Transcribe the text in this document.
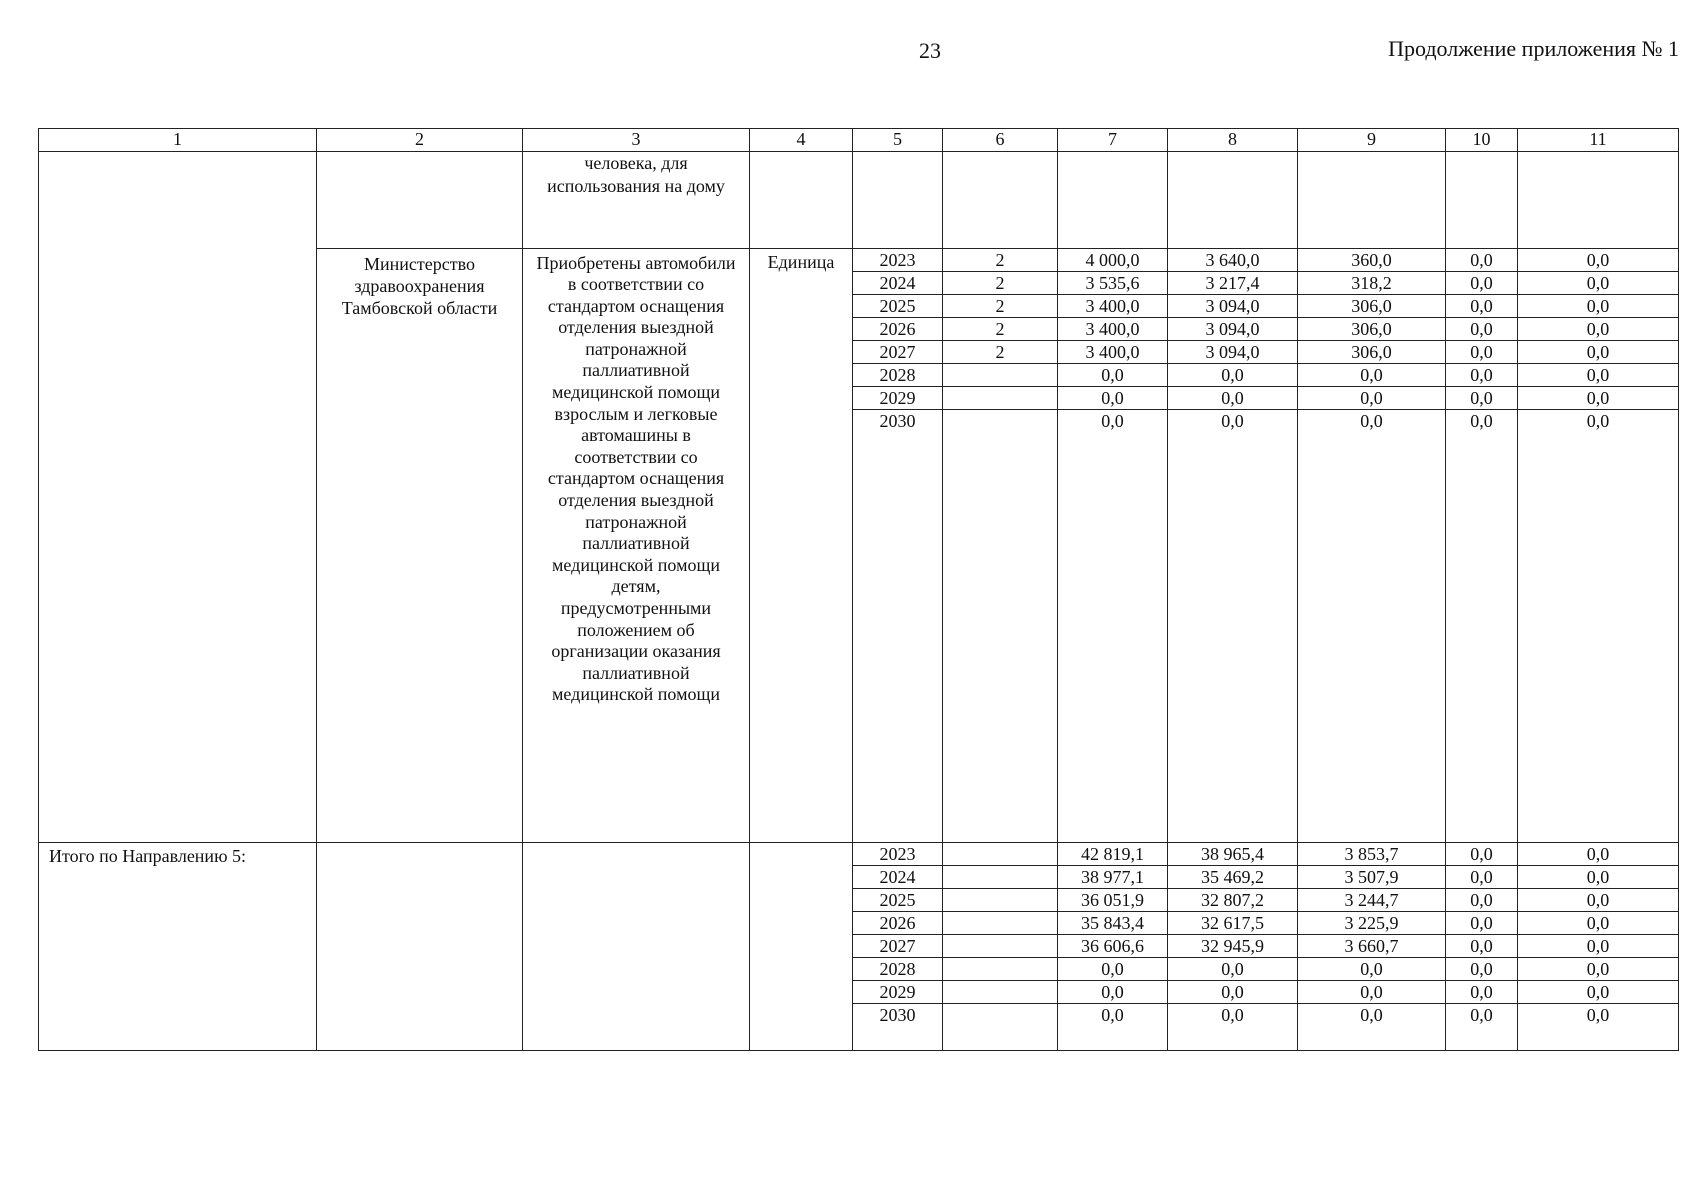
23	Продолжение приложения № 1
1	2	3	4	5	6	7	8	9	10	11
		человека, для использования на дому								
	Министерство здравоохранения Тамбовской области	Приобретены автомобили в соответствии со стандартом оснащения отделения выездной патронажной паллиативной медицинской помощи взрослым и легковые автомашины в соответствии со стандартом оснащения отделения выездной патронажной паллиативной медицинской помощи детям, предусмотренными положением об организации оказания паллиативной медицинской помощи	Единица	2023	2	4 000,0	3 640,0	360,0	0,0	0,0
				2024	2	3 535,6	3 217,4	318,2	0,0	0,0
				2025	2	3 400,0	3 094,0	306,0	0,0	0,0
				2026	2	3 400,0	3 094,0	306,0	0,0	0,0
				2027	2	3 400,0	3 094,0	306,0	0,0	0,0
				2028		0,0	0,0	0,0	0,0	0,0
				2029		0,0	0,0	0,0	0,0	0,0
				2030		0,0	0,0	0,0	0,0	0,0

Итого по Направлению 5:				2023		42 819,1	38 965,4	3 853,7	0,0	0,0
				2024		38 977,1	35 469,2	3 507,9	0,0	0,0
				2025		36 051,9	32 807,2	3 244,7	0,0	0,0
				2026		35 843,4	32 617,5	3 225,9	0,0	0,0
				2027		36 606,6	32 945,9	3 660,7	0,0	0,0
				2028		0,0	0,0	0,0	0,0	0,0
				2029		0,0	0,0	0,0	0,0	0,0
				2030		0,0	0,0	0,0	0,0	0,0
